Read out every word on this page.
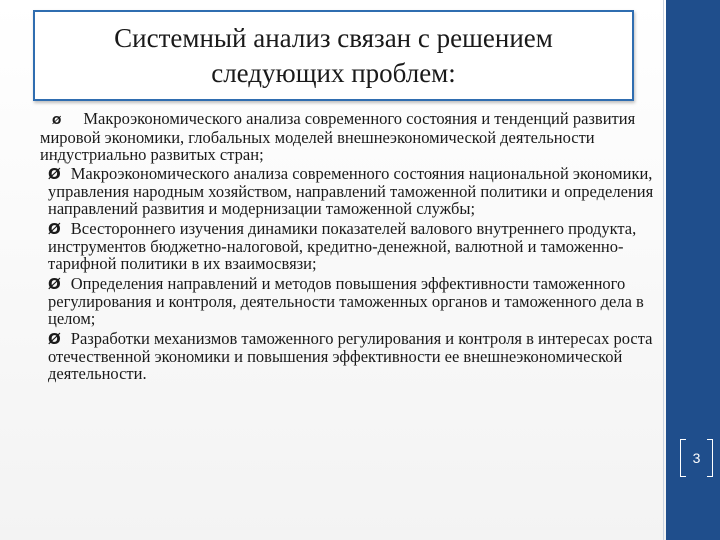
Системный анализ связан с решением следующих проблем:
Ø Макроэкономического анализа современного состояния и тенденций развития мировой экономики, глобальных моделей внешнеэкономической деятельности индустриально развитых стран;
Ø Макроэкономического анализа современного состояния национальной экономики, управления народным хозяйством, направлений таможенной политики и определения направлений развития и модернизации таможенной службы;
Ø Всестороннего изучения динамики показателей валового внутреннего продукта, инструментов бюджетно-налоговой, кредитно-денежной, валютной и таможенно-тарифной политики в их взаимосвязи;
Ø Определения направлений и методов повышения эффективности таможенного регулирования и контроля, деятельности таможенных органов и таможенного дела в целом;
Ø Разработки механизмов таможенного регулирования и контроля в интересах роста отечественной экономики и повышения эффективности ее внешнеэкономической деятельности.
3
